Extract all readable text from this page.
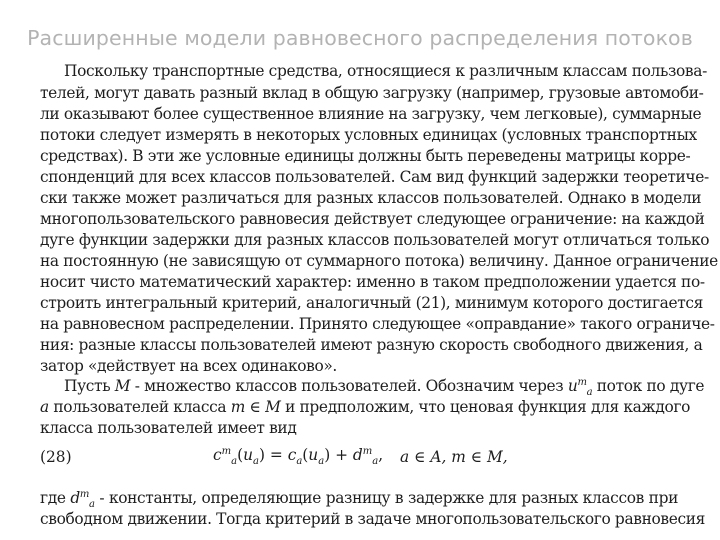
Расширенные модели равновесного распределения потоков
Поскольку транспортные средства, относящиеся к различным классам пользова-
телей, могут давать разный вклад в общую загрузку (например, грузовые автомоби-
ли оказывают более существенное влияние на загрузку, чем легковые), суммарные
потоки следует измерять в некоторых условных единицах (условных транспортных
средствах). В эти же условные единицы должны быть переведены матрицы корре-
спонденций для всех классов пользователей. Сам вид функций задержки теоретиче-
ски также может различаться для разных классов пользователей. Однако в модели
многопользовательского равновесия действует следующее ограничение: на каждой
дуге функции задержки для разных классов пользователей могут отличаться только
на постоянную (не зависящую от суммарного потока) величину. Данное ограничение
носит чисто математический характер: именно в таком предположении удается по-
строить интегральный критерий, аналогичный (21), минимум которого достигается
на равновесном распределении. Принято следующее «оправдание» такого ограниче-
ния: разные классы пользователей имеют разную скорость свободного движения, а
затор «действует на всех одинаково».
Пусть M - множество классов пользователей. Обозначим через $u^m_a$ поток по дуге
a пользователей класса m ∈ M и предположим, что ценовая функция для каждого
класса пользователей имеет вид
(28)	$c^m_a(u_a) = c_a(u_a) + d^m_a$, a ∈ A, m ∈ M,
где $d^m_a$ - константы, определяющие разницу в задержке для разных классов при
свободном движении. Тогда критерий в задаче многопользовательского равновесия
